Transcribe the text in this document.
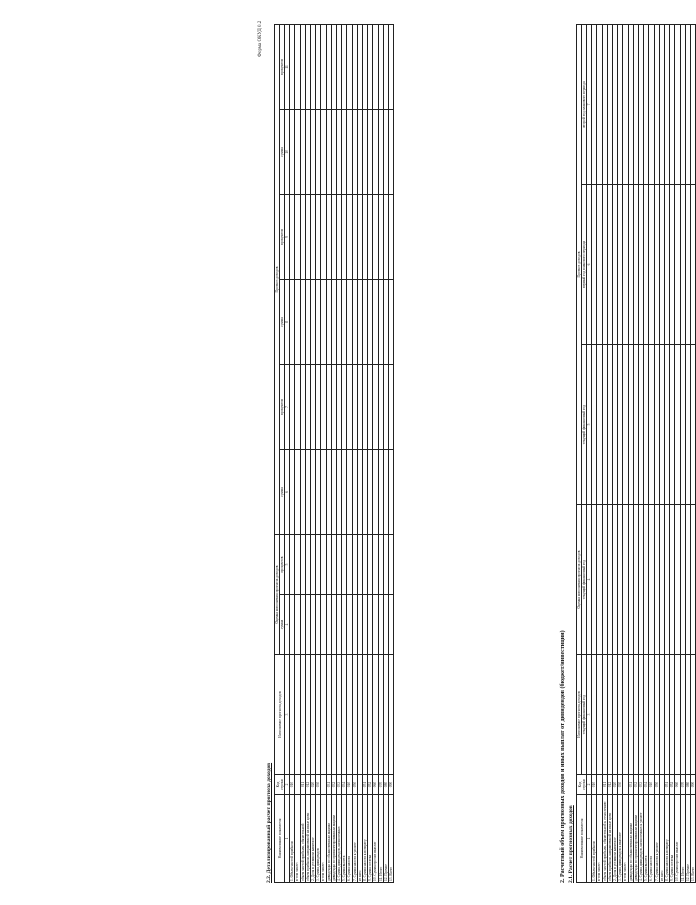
Форма ОКУД 0.2
2. Расчетный объем прогнозных доходов и иных выплат от дивидендов (бюджет/инвестиции) 2.1. Расчет прогнозных доходов Наименование показателя	Код строки	Исполнение прогноза доходов	Оценка исполнения прогноза доходов	Прогноз доходов		
		текущий финансовый год	текущий финансовый год	текущий финансовый год	первый год планового периода	второй год планового периода
1	2	3	4	5	6	7
1. Объем чистой прибыли	010					
в том числе:						
объем чистой прибыли, обязательной к отчислению	011					
объем прибыли, направленной на иные цели	012					
2. Доля в уставном капитале	020					
3. Сумма дивидендов к выплате	030					
в том числе:						
дивиденды по обыкновенным акциям	031					
дивиденды по привилегированным акциям	032					
4. Сумма дивидендов, начисленных к уплате	033					
5. Сумма вычета	034					
6. Сумма налога	040					
7. Сумма налога к уплате	050					
из них:						
8. Сумма налога к возврату	051					
9. Сумма остатка	052					
10. Сумма прочих выплат	060					
11. Итого	070					
12. Прочие	080					
13. Всего	090					
2.2. Детализированный расчет прогноза доходов Наименование показателя	Код строки	Исполнение прогноза доходов	Оценка исполнения прогноза доходов		Прогноз доходов					
			сумма	процентов	сумма	процентов	сумма	процентов	сумма	процентов
1	2	3	4	5	6	7	8	9	10	11
1. Объем чистой прибыли	010									
в том числе:										
объем чистой прибыли, обязательной	011									
объем прибыли, направленной на иные цели	012									
2. Доля в уставном капитале	020									
3. Сумма дивидендов	030									
в том числе:										
дивиденды по обыкновенным акциям	031									
дивиденды по привилегированным акциям	032									
4. Сумма дивидендов, начисленных	033									
5. Сумма вычета	034									
6. Сумма налога	040									
7. Сумма налога к уплате	050									
из них:										
8. Сумма налога к возврату	051									
9. Сумма остатка	052									
10. Сумма прочих выплат	060									
11. Итого	070									
12. Прочие	080									
13. Всего	090									
